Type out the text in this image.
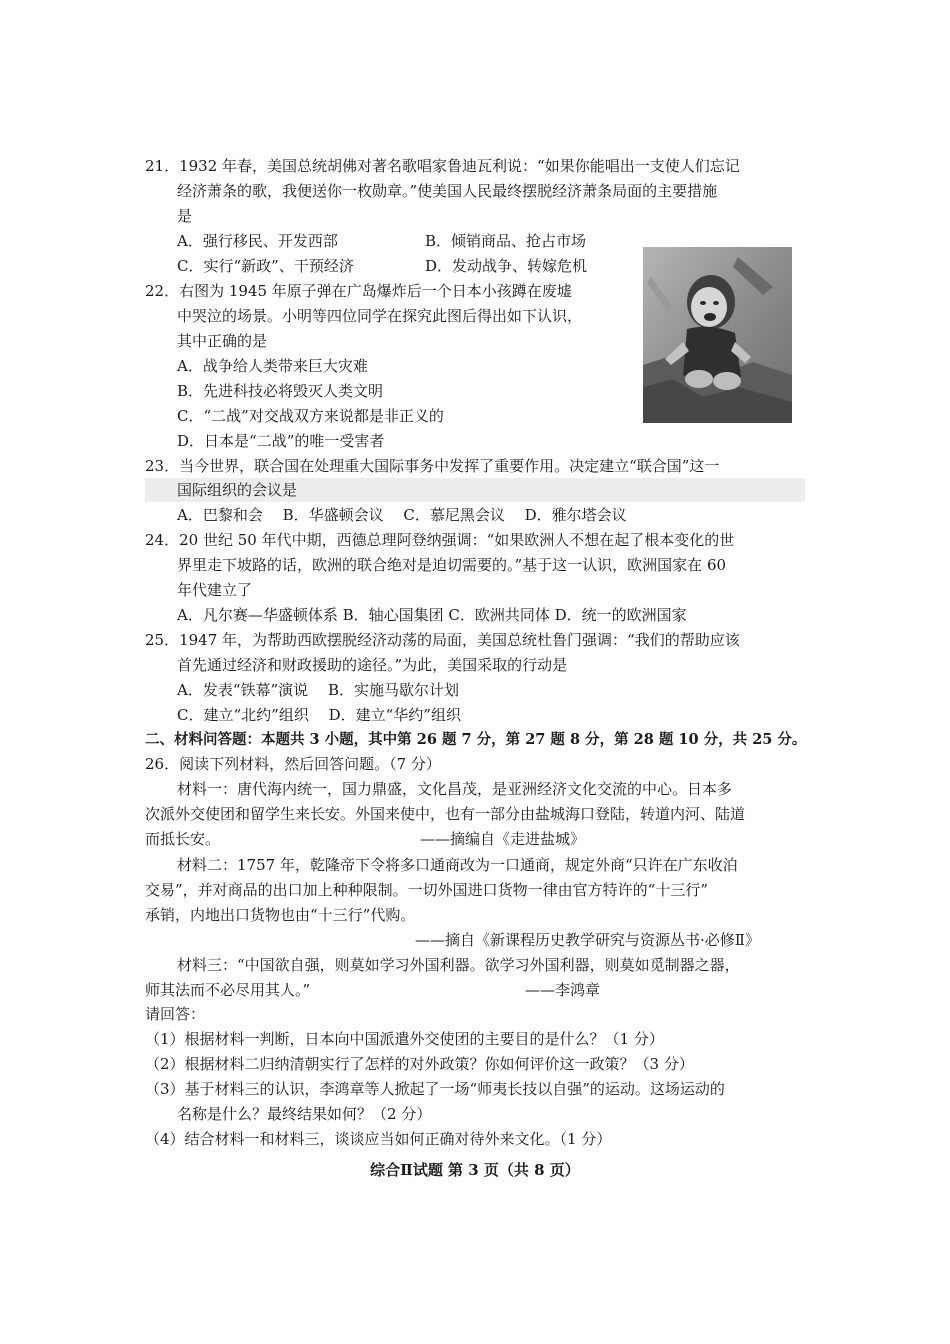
21．1932 年春，美国总统胡佛对著名歌唱家鲁迪瓦利说：“如果你能唱出一支使人们忘记
经济萧条的歌，我便送你一枚勋章。”使美国人民最终摆脱经济萧条局面的主要措施
是
A．强行移民、开发西部	B．倾销商品、抢占市场
C．实行“新政”、干预经济	D．发动战争、转嫁危机
22．右图为 1945 年原子弹在广岛爆炸后一个日本小孩蹲在废墟
中哭泣的场景。小明等四位同学在探究此图后得出如下认识，
其中正确的是
A．战争给人类带来巨大灾难
B．先进科技必将毁灭人类文明
C．“二战”对交战双方来说都是非正义的
D．日本是“二战”的唯一受害者
23．当今世界，联合国在处理重大国际事务中发挥了重要作用。决定建立“联合国”这一
国际组织的会议是
A．巴黎和会　 B．华盛顿会议　 C．慕尼黑会议　 D．雅尔塔会议
24．20 世纪 50 年代中期，西德总理阿登纳强调：“如果欧洲人不想在起了根本变化的世
界里走下坡路的话，欧洲的联合绝对是迫切需要的。”基于这一认识，欧洲国家在 60
年代建立了
A．凡尔赛—华盛顿体系 B．轴心国集团 C．欧洲共同体 D．统一的欧洲国家
25．1947 年，为帮助西欧摆脱经济动荡的局面，美国总统杜鲁门强调：“我们的帮助应该
首先通过经济和财政援助的途径。”为此，美国采取的行动是
A．发表“铁幕”演说　 B．实施马歇尔计划
C．建立“北约”组织　 D．建立“华约”组织
二、材料问答题：本题共 3 小题，其中第 26 题 7 分，第 27 题 8 分，第 28 题 10 分，共 25 分。
26．阅读下列材料，然后回答问题。（7 分）
材料一：唐代海内统一，国力鼎盛，文化昌茂，是亚洲经济文化交流的中心。日本多
次派外交使团和留学生来长安。外国来使中，也有一部分由盐城海口登陆，转道内河、陆道
而抵长安。	——摘编自《走进盐城》
材料二：1757 年，乾隆帝下令将多口通商改为一口通商，规定外商“只许在广东收泊
交易”，并对商品的出口加上种种限制。一切外国进口货物一律由官方特许的“十三行”
承销，内地出口货物也由“十三行”代购。
——摘自《新课程历史教学研究与资源丛书·必修Ⅱ》
材料三：“中国欲自强，则莫如学习外国利器。欲学习外国利器，则莫如觅制器之器，
师其法而不必尽用其人。”	——李鸿章
请回答：
（1）根据材料一判断，日本向中国派遣外交使团的主要目的是什么？（1 分）
（2）根据材料二归纳清朝实行了怎样的对外政策？你如何评价这一政策？（3 分）
（3）基于材料三的认识，李鸿章等人掀起了一场“师夷长技以自强”的运动。这场运动的
名称是什么？最终结果如何？（2 分）
（4）结合材料一和材料三，谈谈应当如何正确对待外来文化。（1 分）
综合Ⅱ试题 第 3 页（共 8 页）
